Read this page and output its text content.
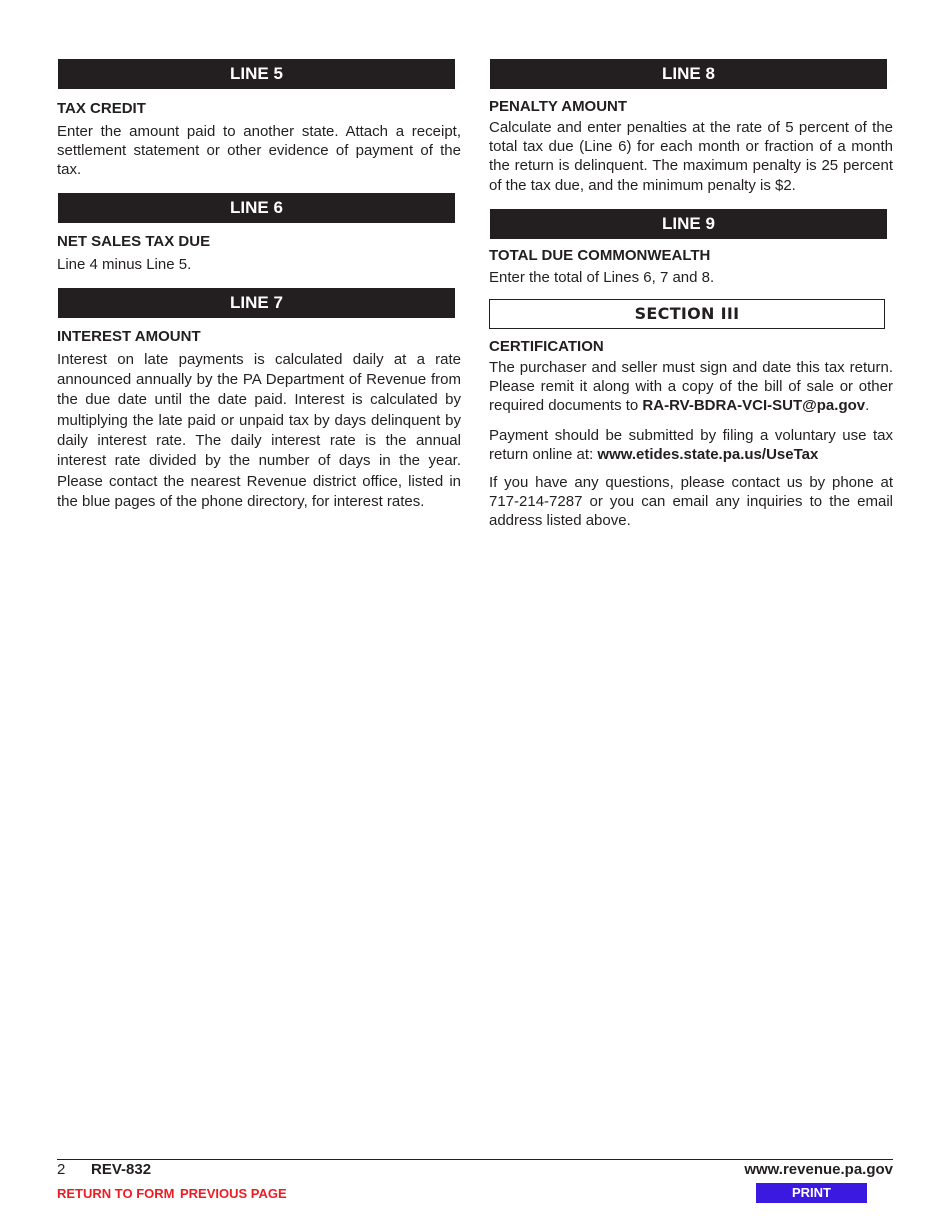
LINE 5

TAX CREDIT

Enter the amount paid to another state. Attach a receipt, settlement statement or other evidence of payment of the tax.

LINE 6

NET SALES TAX DUE

Line 4 minus Line 5.

LINE 7

INTEREST AMOUNT

Interest on late payments is calculated daily at a rate announced annually by the PA Department of Revenue from the due date until the date paid. Interest is calculated by multiplying the late paid or unpaid tax by days delinquent by daily interest rate. The daily interest rate is the annual interest rate divided by the number of days in the year. Please contact the nearest Revenue district office, listed in the blue pages of the phone directory, for interest rates.

LINE 8

PENALTY AMOUNT

Calculate and enter penalties at the rate of 5 percent of the total tax due (Line 6) for each month or fraction of a month the return is delinquent. The maximum penalty is 25 percent of the tax due, and the minimum penalty is $2.

LINE 9

TOTAL DUE COMMONWEALTH

Enter the total of Lines 6, 7 and 8.

SECTION III

CERTIFICATION

The purchaser and seller must sign and date this tax return. Please remit it along with a copy of the bill of sale or other required documents to RA-RV-BDRA-VCI-SUT@pa.gov.

Payment should be submitted by filing a voluntary use tax return online at: www.etides.state.pa.us/UseTax

If you have any questions, please contact us by phone at 717-214-7287 or you can email any inquiries to the email address listed above.

2 REV-832	www.revenue.pa.gov
RETURN TO FORM PREVIOUS PAGE	PRINT
